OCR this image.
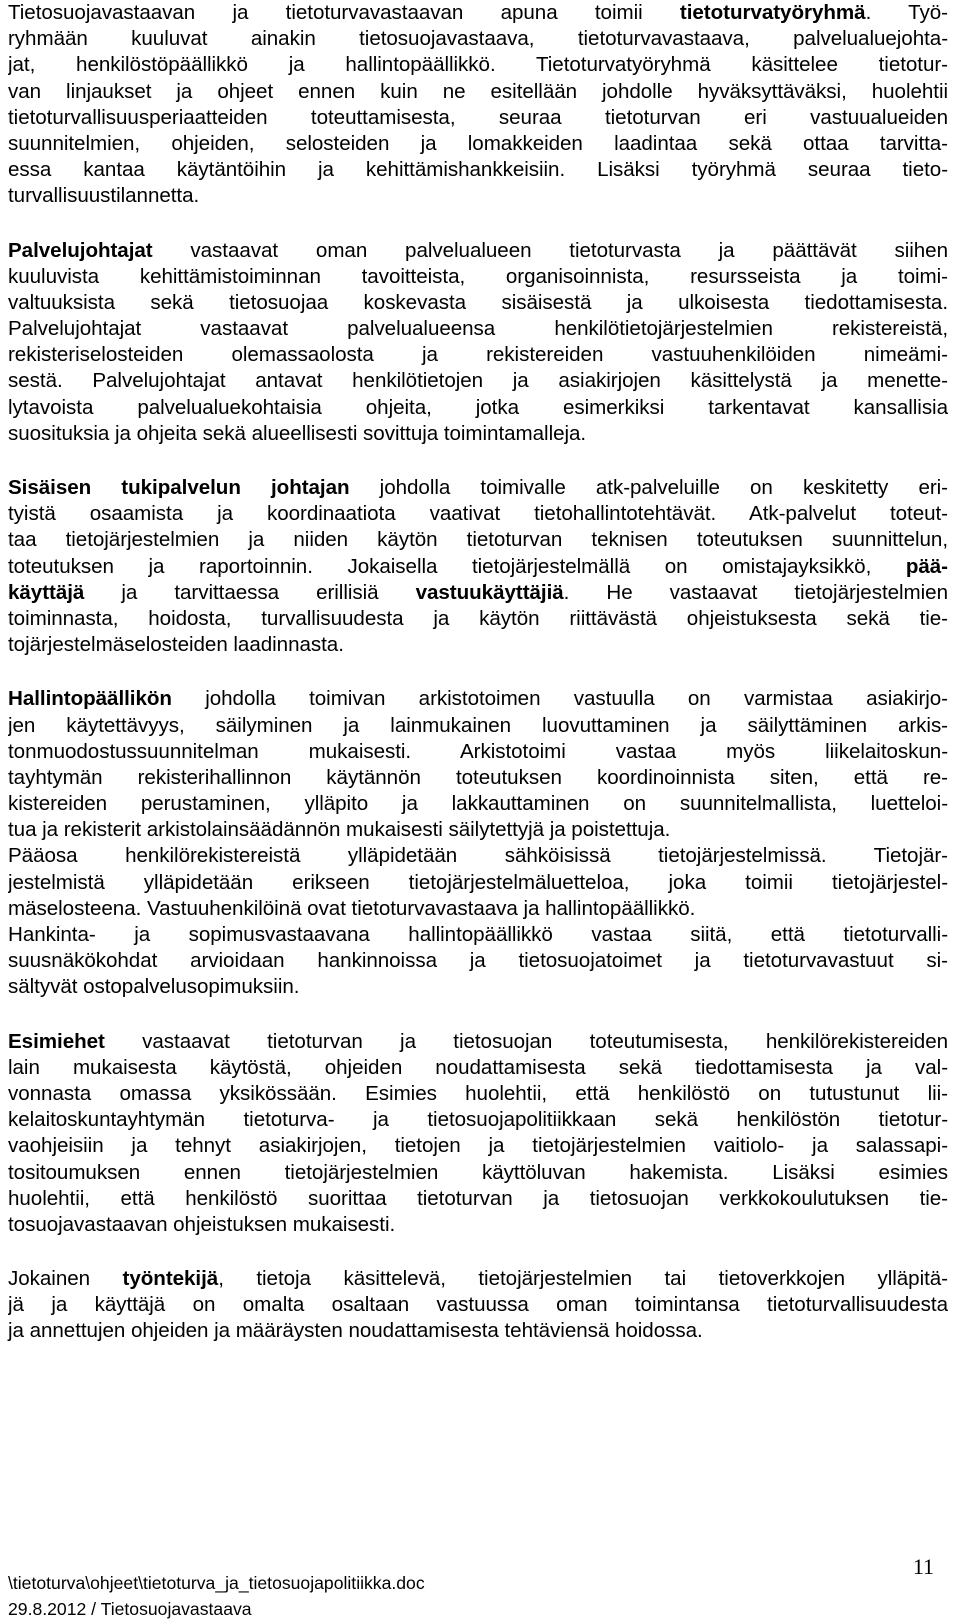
Tietosuojavastaavan ja tietoturvavastaavan apuna toimii tietoturvatyöryhmä. Työ-
ryhmään kuuluvat ainakin tietosuojavastaava, tietoturvavastaava, palvelualuejohta-
jat, henkilöstöpäällikkö ja hallintopäällikkö. Tietoturvatyöryhmä käsittelee tietotur-
van linjaukset ja ohjeet ennen kuin ne esitellään johdolle hyväksyttäväksi, huolehtii
tietoturvallisuusperiaatteiden toteuttamisesta, seuraa tietoturvan eri vastuualueiden
suunnitelmien, ohjeiden, selosteiden ja lomakkeiden laadintaa sekä ottaa tarvitta-
essa kantaa käytäntöihin ja kehittämishankkeisiin. Lisäksi työryhmä seuraa tieto-
turvallisuustilannetta.
Palvelujohtajat vastaavat oman palvelualueen tietoturvasta ja päättävät siihen
kuuluvista kehittämistoiminnan tavoitteista, organisoinnista, resursseista ja toimi-
valtuuksista sekä tietosuojaa koskevasta sisäisestä ja ulkoisesta tiedottamisesta.
Palvelujohtajat vastaavat palvelualueensa henkilötietojärjestelmien rekistereistä,
rekisteriselosteiden olemassaolosta ja rekistereiden vastuuhenkilöiden nimeämi-
sestä. Palvelujohtajat antavat henkilötietojen ja asiakirjojen käsittelystä ja menette-
lytavoista palvelualuekohtaisia ohjeita, jotka esimerkiksi tarkentavat kansallisia
suosituksia ja ohjeita sekä alueellisesti sovittuja toimintamalleja.
Sisäisen tukipalvelun johtajan johdolla toimivalle atk-palveluille on keskitetty eri-
tyistä osaamista ja koordinaatiota vaativat tietohallintotehtävät. Atk-palvelut toteut-
taa tietojärjestelmien ja niiden käytön tietoturvan teknisen toteutuksen suunnittelun,
toteutuksen ja raportoinnin. Jokaisella tietojärjestelmällä on omistajayksikkö, pää-
käyttäjä ja tarvittaessa erillisiä vastuukäyttäjiä. He vastaavat tietojärjestelmien
toiminnasta, hoidosta, turvallisuudesta ja käytön riittävästä ohjeistuksesta sekä tie-
tojärjestelmäselosteiden laadinnasta.
Hallintopäällikön johdolla toimivan arkistotoimen vastuulla on varmistaa asiakirjo-
jen käytettävyys, säilyminen ja lainmukainen luovuttaminen ja säilyttäminen arkis-
tonmuodostussuunnitelman mukaisesti. Arkistotoimi vastaa myös liikelaitoskun-
tayhtymän rekisterihallinnon käytännön toteutuksen koordinoinnista siten, että re-
kistereiden perustaminen, ylläpito ja lakkauttaminen on suunnitelmallista, luetteloi-
tua ja rekisterit arkistolainsäädännön mukaisesti säilytettyjä ja poistettuja.
Pääosa henkilörekistereistä ylläpidetään sähköisissä tietojärjestelmissä. Tietojär-
jestelmistä ylläpidetään erikseen tietojärjestelmäluetteloa, joka toimii tietojärjestel-
mäselosteena. Vastuuhenkilöinä ovat tietoturvavastaava ja hallintopäällikkö.
Hankinta- ja sopimusvastaavana hallintopäällikkö vastaa siitä, että tietoturvalli-
suusnäkökohdat arvioidaan hankinnoissa ja tietosuojatoimet ja tietoturvavastuut si-
sältyvät ostopalvelusopimuksiin.
Esimiehet vastaavat tietoturvan ja tietosuojan toteutumisesta, henkilörekistereiden
lain mukaisesta käytöstä, ohjeiden noudattamisesta sekä tiedottamisesta ja val-
vonnasta omassa yksikössään. Esimies huolehtii, että henkilöstö on tutustunut lii-
kelaitoskuntayhtymän tietoturva- ja tietosuojapolitiikkaan sekä henkilöstön tietotur-
vaohjeisiin ja tehnyt asiakirjojen, tietojen ja tietojärjestelmien vaitiolo- ja salassapi-
tositoumuksen ennen tietojärjestelmien käyttöluvan hakemista. Lisäksi esimies
huolehtii, että henkilöstö suorittaa tietoturvan ja tietosuojan verkkokoulutuksen tie-
tosuojavastaavan ohjeistuksen mukaisesti.
Jokainen työntekijä, tietoja käsittelevä, tietojärjestelmien tai tietoverkkojen ylläpitä-
jä ja käyttäjä on omalta osaltaan vastuussa oman toimintansa tietoturvallisuudesta
ja annettujen ohjeiden ja määräysten noudattamisesta tehtäviensä hoidossa.
\tietoturva\ohjeet\tietoturva_ja_tietosuojapolitiikka.doc
29.8.2012 / Tietosuojavastaava
11
